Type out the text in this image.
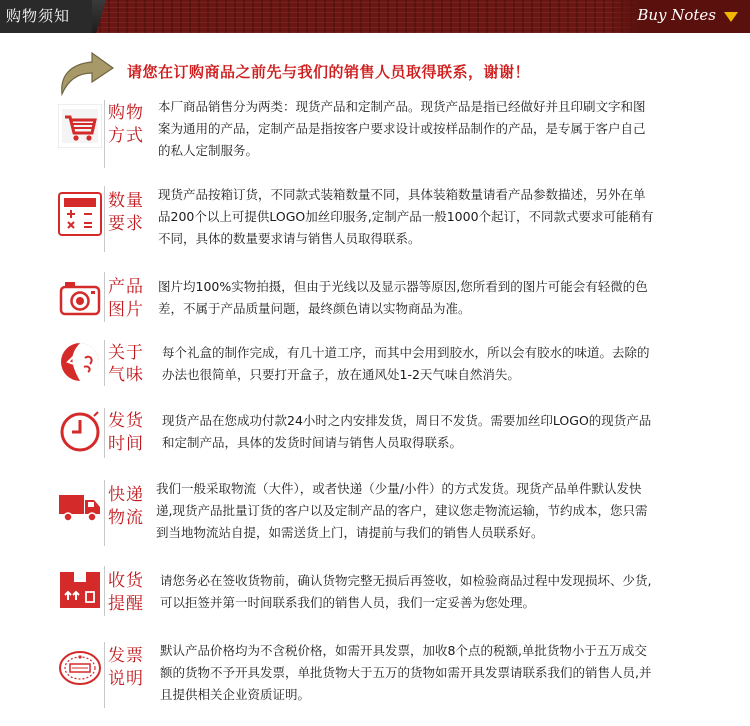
购物须知	Buy Notes
请您在订购商品之前先与我们的销售人员取得联系，谢谢！
购物
方式
本厂商品销售分为两类：现货产品和定制产品。现货产品是指已经做好并且印刷文字和图
案为通用的产品，定制产品是指按客户要求设计或按样品制作的产品，是专属于客户自己
的私人定制服务。
数量
要求
现货产品按箱订货，不同款式装箱数量不同，具体装箱数量请看产品参数描述，另外在单
品200个以上可提供LOGO加丝印服务,定制产品一般1000个起订，不同款式要求可能稍有
不同，具体的数量要求请与销售人员取得联系。
产品
图片
图片均100%实物拍摄，但由于光线以及显示器等原因,您所看到的图片可能会有轻微的色
差，不属于产品质量问题，最终颜色请以实物商品为准。
关于
气味
每个礼盒的制作完成，有几十道工序，而其中会用到胶水，所以会有胶水的味道。去除的
办法也很简单，只要打开盒子，放在通风处1-2天气味自然消失。
发货
时间
现货产品在您成功付款24小时之内安排发货，周日不发货。需要加丝印LOGO的现货产品
和定制产品，具体的发货时间请与销售人员取得联系。
快递
物流
我们一般采取物流（大件），或者快递（少量/小件）的方式发货。现货产品单件默认发快
递,现货产品批量订货的客户以及定制产品的客户，建议您走物流运输，节约成本，您只需
到当地物流站自提，如需送货上门，请提前与我们的销售人员联系好。
收货
提醒
请您务必在签收货物前，确认货物完整无损后再签收，如检验商品过程中发现损坏、少货,
可以拒签并第一时间联系我们的销售人员，我们一定妥善为您处理。
发票
说明
默认产品价格均为不含税价格，如需开具发票，加收8个点的税额,单批货物小于五万成交
额的货物不予开具发票，单批货物大于五万的货物如需开具发票请联系我们的销售人员,并
且提供相关企业资质证明。
